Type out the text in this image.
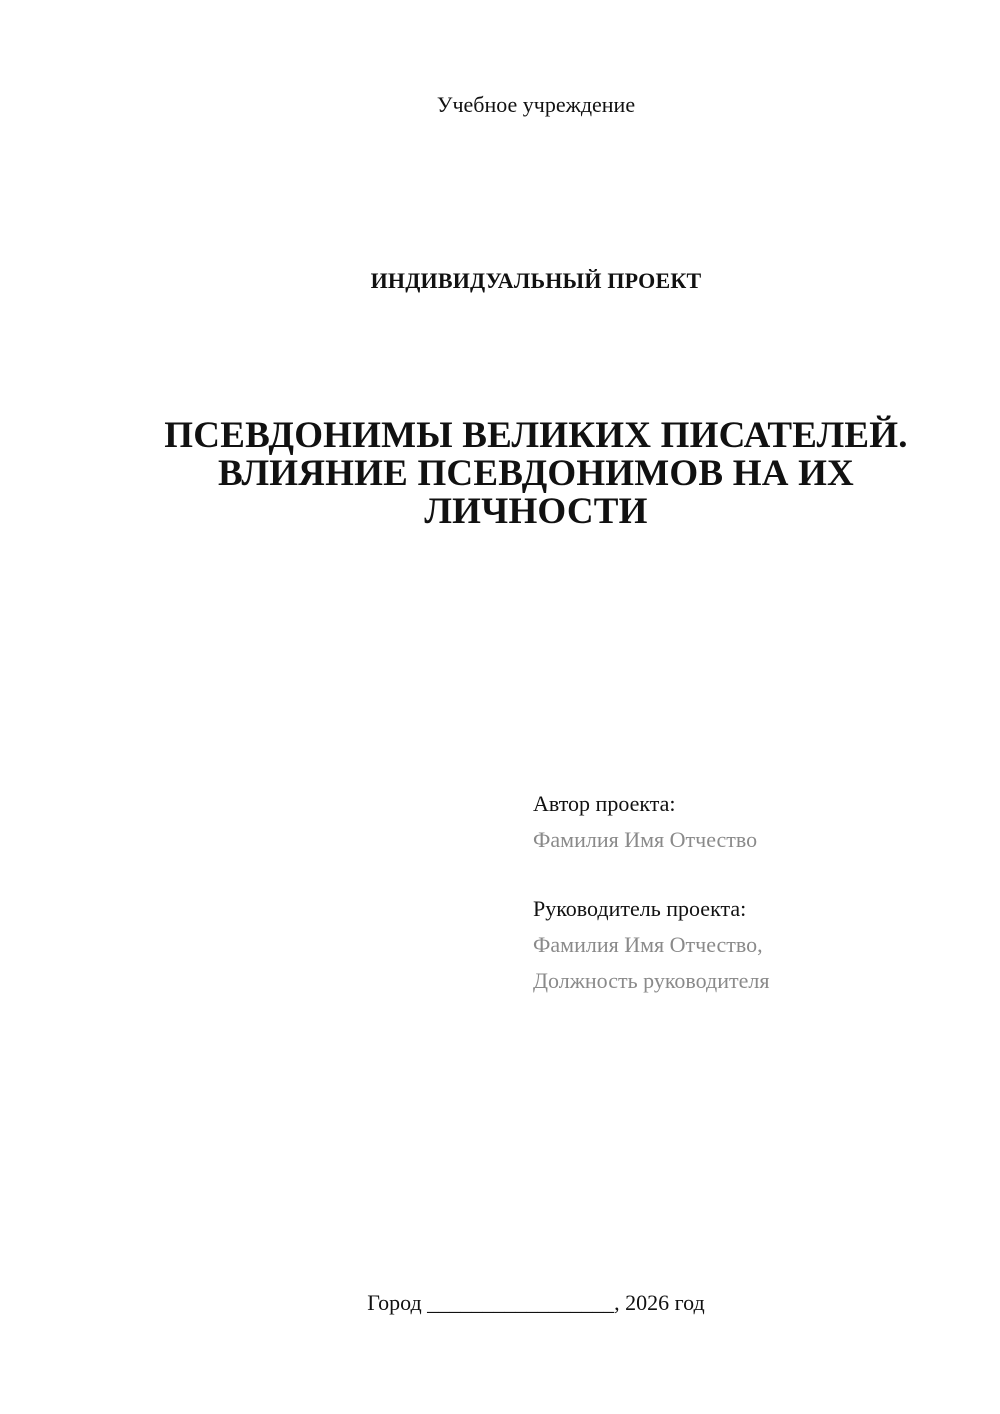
Учебное учреждение
ИНДИВИДУАЛЬНЫЙ ПРОЕКТ
ПСЕВДОНИМЫ ВЕЛИКИХ ПИСАТЕЛЕЙ.
ВЛИЯНИЕ ПСЕВДОНИМОВ НА ИХ
ЛИЧНОСТИ
Автор проекта:
Фамилия Имя Отчество
Руководитель проекта:
Фамилия Имя Отчество,
Должность руководителя
Город _________________, 2026 год
